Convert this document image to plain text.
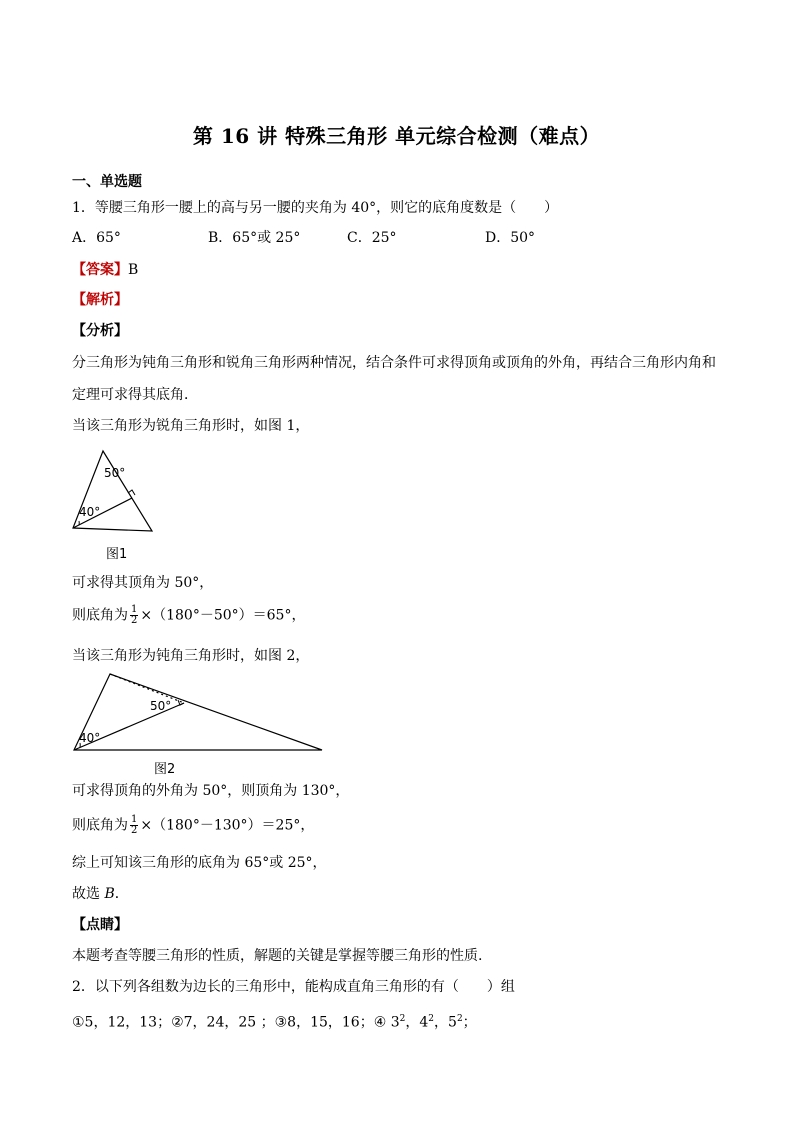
第 16 讲 特殊三角形 单元综合检测（难点）
一、单选题
1．等腰三角形一腰上的高与另一腰的夹角为 40°，则它的底角度数是（　　）
A．65°	B．65°或 25°	C．25°	D．50°
【答案】B
【解析】
【分析】
分三角形为钝角三角形和锐角三角形两种情况，结合条件可求得顶角或顶角的外角，再结合三角形内角和
定理可求得其底角．
当该三角形为锐角三角形时，如图 1，
50°
40°
图1
可求得其顶角为 50°，
则底角为 $\frac{1}{2} \times(180^\circ-50^\circ)=65^\circ$，
当该三角形为钝角三角形时，如图 2，
50°
40°
图2
可求得顶角的外角为 50°，则顶角为 130°，
则底角为 $\frac{1}{2} \times(180^\circ-130^\circ)=25^\circ$，
综上可知该三角形的底角为 65°或 25°，
故选 B．
【点睛】
本题考查等腰三角形的性质，解题的关键是掌握等腰三角形的性质.
2．以下列各组数为边长的三角形中，能构成直角三角形的有（　　）组
①5，12，13；②7，24，25 ；③8，15，16；④ $3^2$，$4^2$，$5^2$；
